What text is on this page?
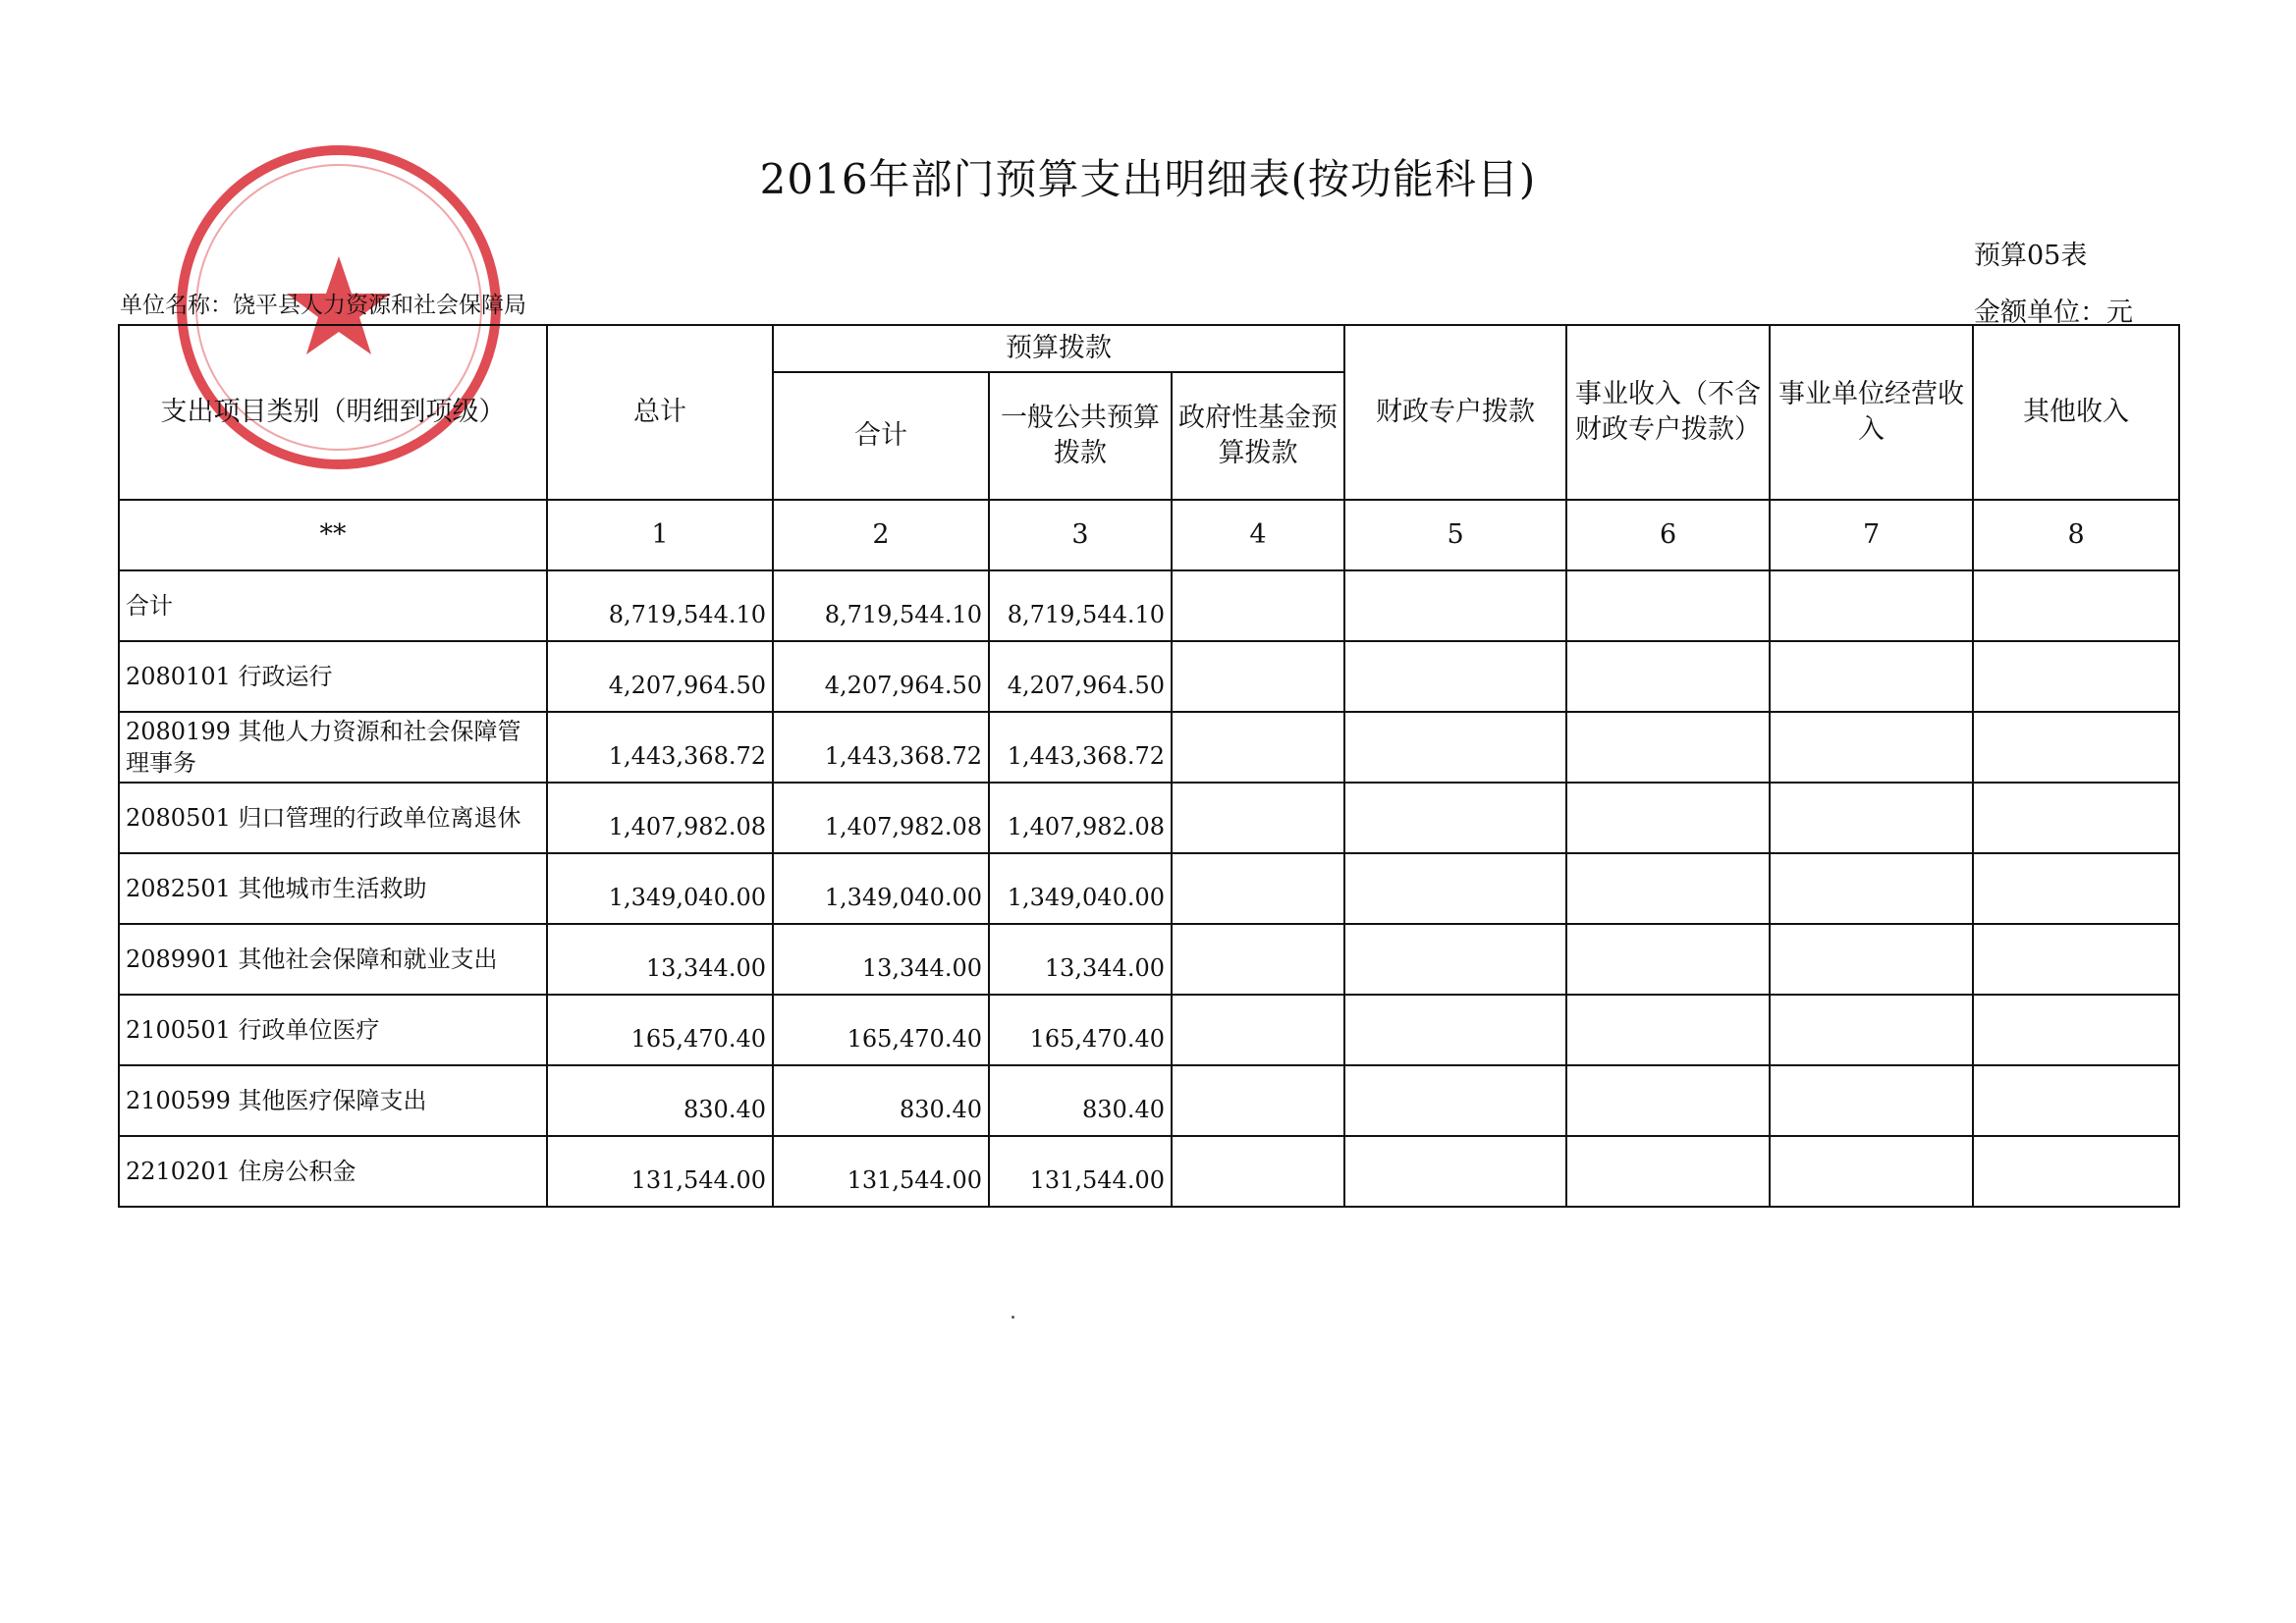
2016年部门预算支出明细表(按功能科目)
预算05表
单位名称：饶平县人力资源和社会保障局	金额单位：元
支出项目类别（明细到项级）	总计	预算拨款			财政专户拨款	事业收入（不含财政专户拨款）	事业单位经营收入	其他收入
		合计	一般公共预算拨款	政府性基金预算拨款				
**	1	2	3	4	5	6	7	8
合计	8,719,544.10	8,719,544.10	8,719,544.10					
2080101 行政运行	4,207,964.50	4,207,964.50	4,207,964.50					
2080199 其他人力资源和社会保障管理事务	1,443,368.72	1,443,368.72	1,443,368.72					
2080501 归口管理的行政单位离退休	1,407,982.08	1,407,982.08	1,407,982.08					
2082501 其他城市生活救助	1,349,040.00	1,349,040.00	1,349,040.00					
2089901 其他社会保障和就业支出	13,344.00	13,344.00	13,344.00					
2100501 行政单位医疗	165,470.40	165,470.40	165,470.40					
2100599 其他医疗保障支出	830.40	830.40	830.40					
2210201 住房公积金	131,544.00	131,544.00	131,544.00					
